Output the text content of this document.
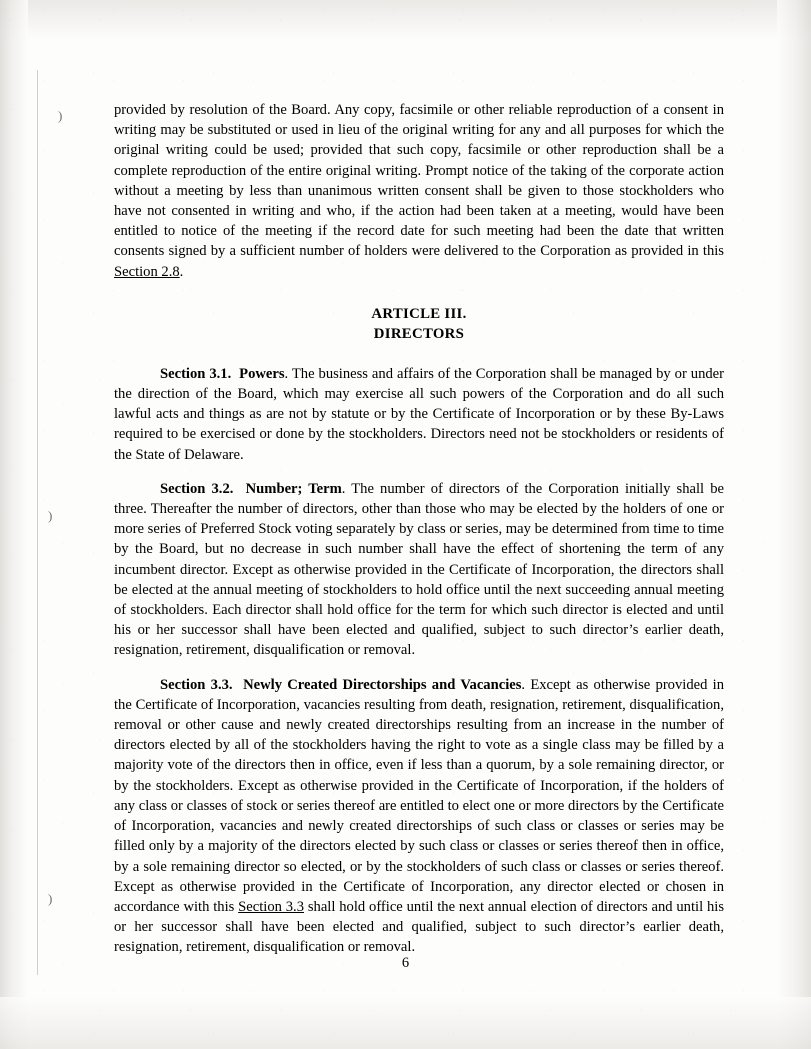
)
)
)

provided by resolution of the Board. Any copy, facsimile or other reliable reproduction of a consent in writing may be substituted or used in lieu of the original writing for any and all purposes for which the original writing could be used; provided that such copy, facsimile or other reproduction shall be a complete reproduction of the entire original writing. Prompt notice of the taking of the corporate action without a meeting by less than unanimous written consent shall be given to those stockholders who have not consented in writing and who, if the action had been taken at a meeting, would have been entitled to notice of the meeting if the record date for such meeting had been the date that written consents signed by a sufficient number of holders were delivered to the Corporation as provided in this Section 2.8.

ARTICLE III.

DIRECTORS

Section 3.1. Powers. The business and affairs of the Corporation shall be managed by or under the direction of the Board, which may exercise all such powers of the Corporation and do all such lawful acts and things as are not by statute or by the Certificate of Incorporation or by these By-Laws required to be exercised or done by the stockholders. Directors need not be stockholders or residents of the State of Delaware.

Section 3.2. Number; Term. The number of directors of the Corporation initially shall be three. Thereafter the number of directors, other than those who may be elected by the holders of one or more series of Preferred Stock voting separately by class or series, may be determined from time to time by the Board, but no decrease in such number shall have the effect of shortening the term of any incumbent director. Except as otherwise provided in the Certificate of Incorporation, the directors shall be elected at the annual meeting of stockholders to hold office until the next succeeding annual meeting of stockholders. Each director shall hold office for the term for which such director is elected and until his or her successor shall have been elected and qualified, subject to such director’s earlier death, resignation, retirement, disqualification or removal.

Section 3.3. Newly Created Directorships and Vacancies. Except as otherwise provided in the Certificate of Incorporation, vacancies resulting from death, resignation, retirement, disqualification, removal or other cause and newly created directorships resulting from an increase in the number of directors elected by all of the stockholders having the right to vote as a single class may be filled by a majority vote of the directors then in office, even if less than a quorum, by a sole remaining director, or by the stockholders. Except as otherwise provided in the Certificate of Incorporation, if the holders of any class or classes of stock or series thereof are entitled to elect one or more directors by the Certificate of Incorporation, vacancies and newly created directorships of such class or classes or series may be filled only by a majority of the directors elected by such class or classes or series thereof then in office, by a sole remaining director so elected, or by the stockholders of such class or classes or series thereof. Except as otherwise provided in the Certificate of Incorporation, any director elected or chosen in accordance with this Section 3.3 shall hold office until the next annual election of directors and until his or her successor shall have been elected and qualified, subject to such director’s earlier death, resignation, retirement, disqualification or removal.

6
